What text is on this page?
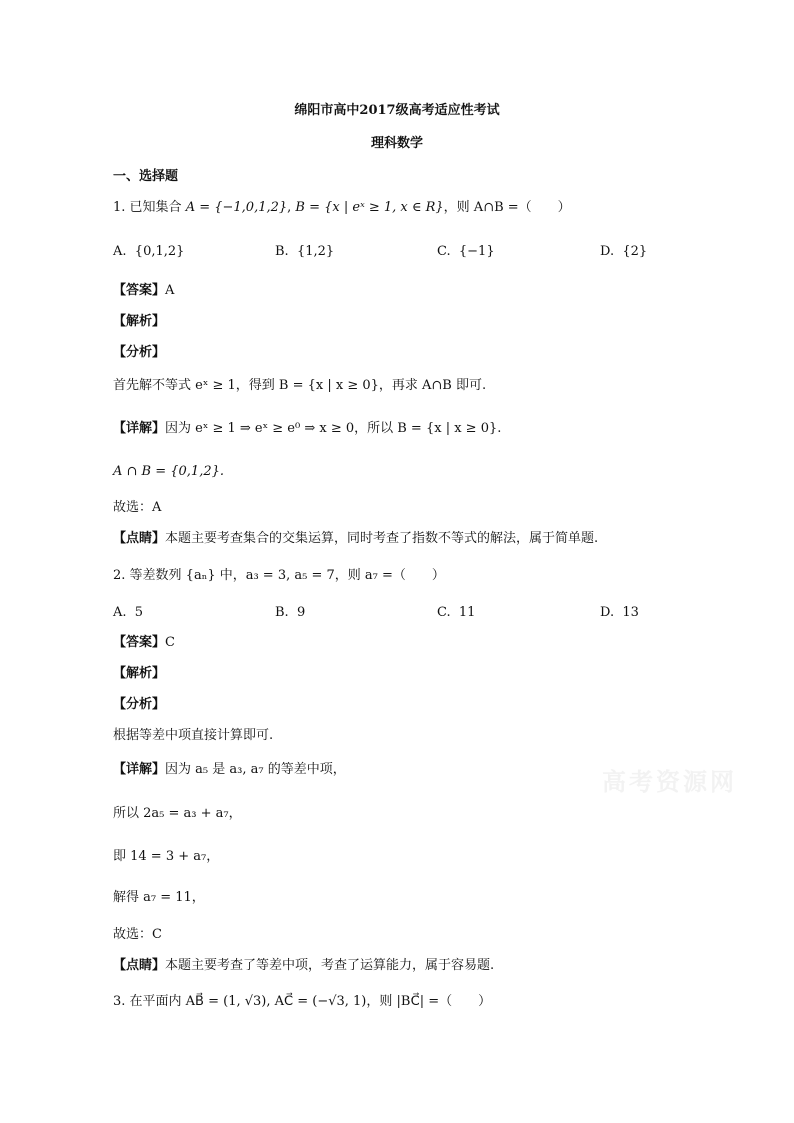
高考资源网
绵阳市高中2017级高考适应性考试
理科数学
一、选择题
1. 已知集合 A = {−1,0,1,2}, B = {x | eˣ ≥ 1, x ∈ R}，则 A∩B =（　　）
A. {0,1,2}	B. {1,2}	C. {−1}	D. {2}
【答案】A
【解析】
【分析】
首先解不等式 eˣ ≥ 1，得到 B = {x | x ≥ 0}，再求 A∩B 即可.
【详解】因为 eˣ ≥ 1 ⇒ eˣ ≥ e⁰ ⇒ x ≥ 0，所以 B = {x | x ≥ 0}.
A ∩ B = {0,1,2}.
故选：A
【点睛】本题主要考查集合的交集运算，同时考查了指数不等式的解法，属于简单题.
2. 等差数列 {aₙ} 中，a₃ = 3, a₅ = 7，则 a₇ =（　　）
A. 5	B. 9	C. 11	D. 13
【答案】C
【解析】
【分析】
根据等差中项直接计算即可.
【详解】因为 a₅ 是 a₃, a₇ 的等差中项，
所以 2a₅ = a₃ + a₇，
即 14 = 3 + a₇，
解得 a₇ = 11，
故选：C
【点睛】本题主要考查了等差中项，考查了运算能力，属于容易题.
3. 在平面内 AB⃗ = (1, √3), AC⃗ = (−√3, 1)，则 |BC⃗| =（　　）
